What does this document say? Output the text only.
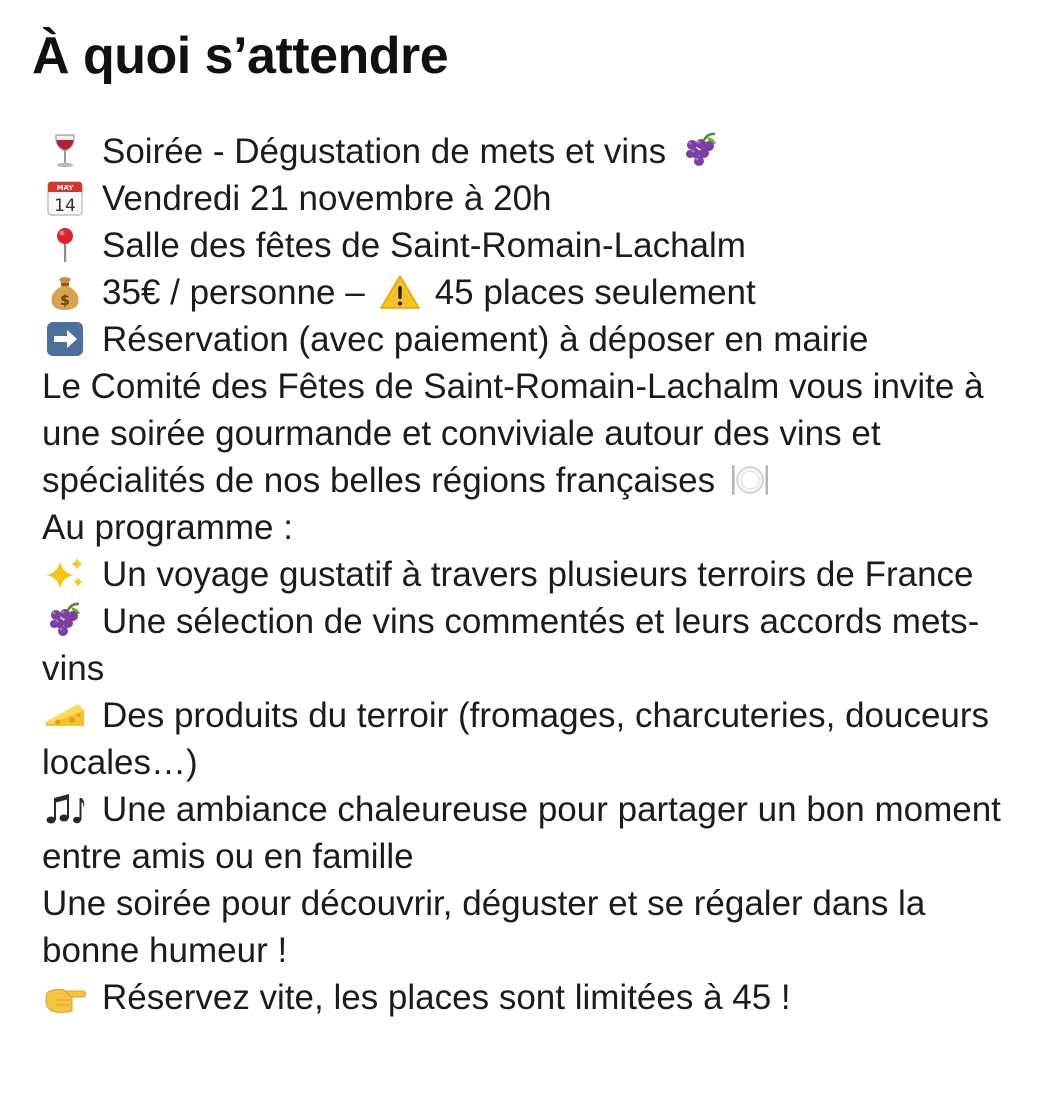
À quoi s’attendre
Soirée - Dégustation de mets et vins
MAY
14 Vendredi 21 novembre à 20h
Salle des fêtes de Saint-Romain-Lachalm
$ 35€ / personne – 45 places seulement
Réservation (avec paiement) à déposer en mairie
Le Comité des Fêtes de Saint-Romain-Lachalm vous invite à une soirée gourmande et conviviale autour des vins et spécialités de nos belles régions françaises
Au programme :
Un voyage gustatif à travers plusieurs terroirs de France
Une sélection de vins commentés et leurs accords mets-vins
Des produits du terroir (fromages, charcuteries, douceurs locales…)
Une ambiance chaleureuse pour partager un bon moment entre amis ou en famille
Une soirée pour découvrir, déguster et se régaler dans la bonne humeur !
Réservez vite, les places sont limitées à 45 !
